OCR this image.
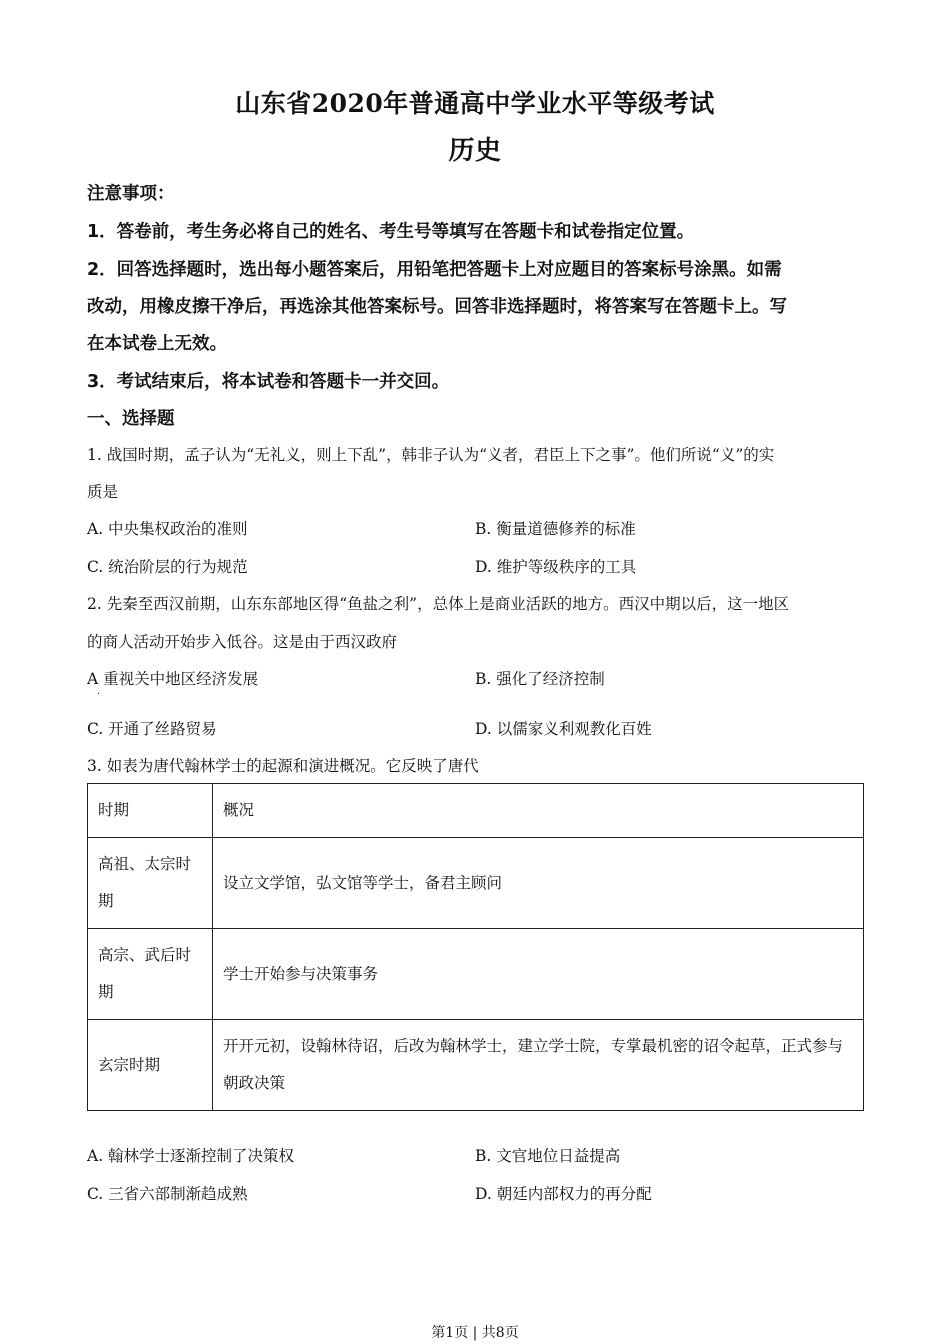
山东省2020年普通高中学业水平等级考试
历史
注意事项：
1．答卷前，考生务必将自己的姓名、考生号等填写在答题卡和试卷指定位置。
2．回答选择题时，选出每小题答案后，用铅笔把答题卡上对应题目的答案标号涂黑。如需
改动，用橡皮擦干净后，再选涂其他答案标号。回答非选择题时，将答案写在答题卡上。写
在本试卷上无效。
3．考试结束后，将本试卷和答题卡一并交回。
一、选择题
1. 战国时期，孟子认为“无礼义，则上下乱”，韩非子认为“义者，君臣上下之事”。他们所说“义”的实
质是
A. 中央集权政治的准则	B. 衡量道德修养的标准
C. 统治阶层的行为规范	D. 维护等级秩序的工具
2. 先秦至西汉前期，山东东部地区得“鱼盐之利”，总体上是商业活跃的地方。西汉中期以后，这一地区
的商人活动开始步入低谷。这是由于西汉政府
A 重视关中地区经济发展
·
B. 强化了经济控制
C. 开通了丝路贸易	D. 以儒家义利观教化百姓
3. 如表为唐代翰林学士的起源和演进概况。它反映了唐代
时期	概况
高祖、太宗时期	设立文学馆，弘文馆等学士，备君主顾问
高宗、武后时期	学士开始参与决策事务
玄宗时期	开开元初，设翰林待诏，后改为翰林学士，建立学士院，专掌最机密的诏令起草，正式参与朝政决策
A. 翰林学士逐渐控制了决策权	B. 文官地位日益提高
C. 三省六部制渐趋成熟	D. 朝廷内部权力的再分配
第1页 | 共8页
